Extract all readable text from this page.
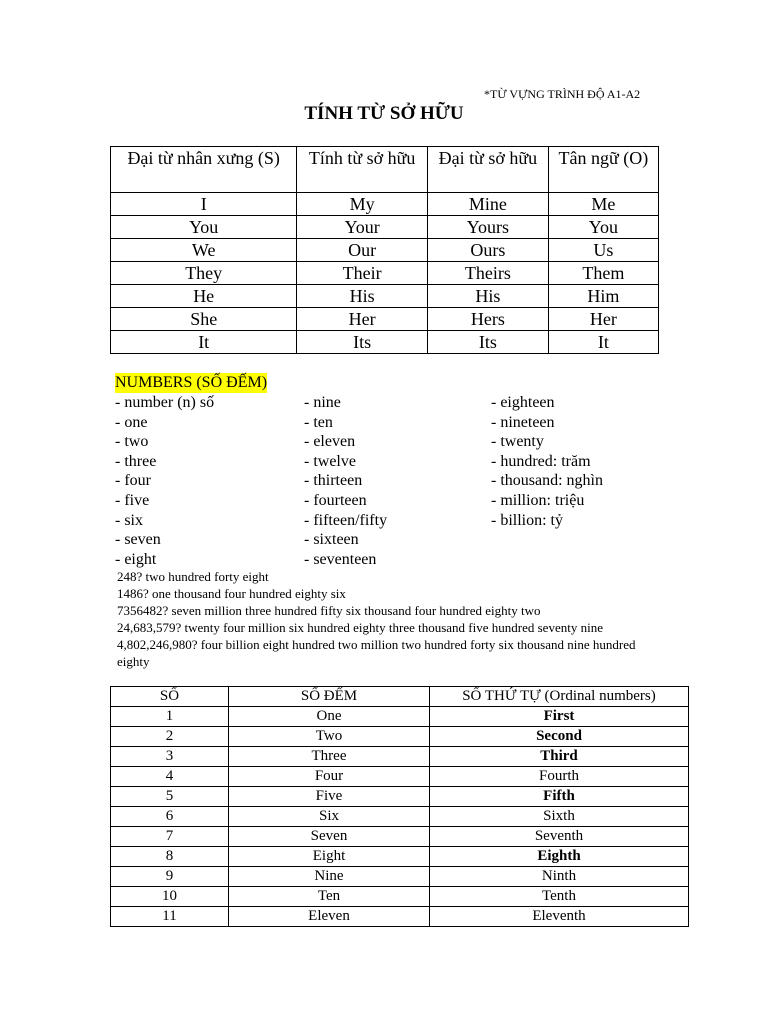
*TỪ VỰNG TRÌNH ĐỘ A1-A2
TÍNH TỪ SỞ HỮU
Đại từ nhân xưng (S)	Tính từ sở hữu	Đại từ sở hữu	Tân ngữ (O)
I	My	Mine	Me
You	Your	Yours	You
We	Our	Ours	Us
They	Their	Theirs	Them
He	His	His	Him
She	Her	Hers	Her
It	Its	Its	It
NUMBERS (SỐ ĐẾM)
- number (n) số
- one
- two
- three
- four
- five
- six
- seven
- eight
- nine
- ten
- eleven
- twelve
- thirteen
- fourteen
- fifteen/fifty
- sixteen
- seventeen
- eighteen
- nineteen
- twenty
- hundred: trăm
- thousand: nghìn
- million: triệu
- billion: tỷ
248? two hundred forty eight
1486? one thousand four hundred eighty six
7356482? seven million three hundred fifty six thousand four hundred eighty two
24,683,579? twenty four million six hundred eighty three thousand five hundred seventy nine
4,802,246,980? four billion eight hundred two million two hundred forty six thousand nine hundred eighty
SỐ	SỐ ĐẾM	SỐ THỨ TỰ (Ordinal numbers)
1	One	First
2	Two	Second
3	Three	Third
4	Four	Fourth
5	Five	Fifth
6	Six	Sixth
7	Seven	Seventh
8	Eight	Eighth
9	Nine	Ninth
10	Ten	Tenth
11	Eleven	Eleventh
